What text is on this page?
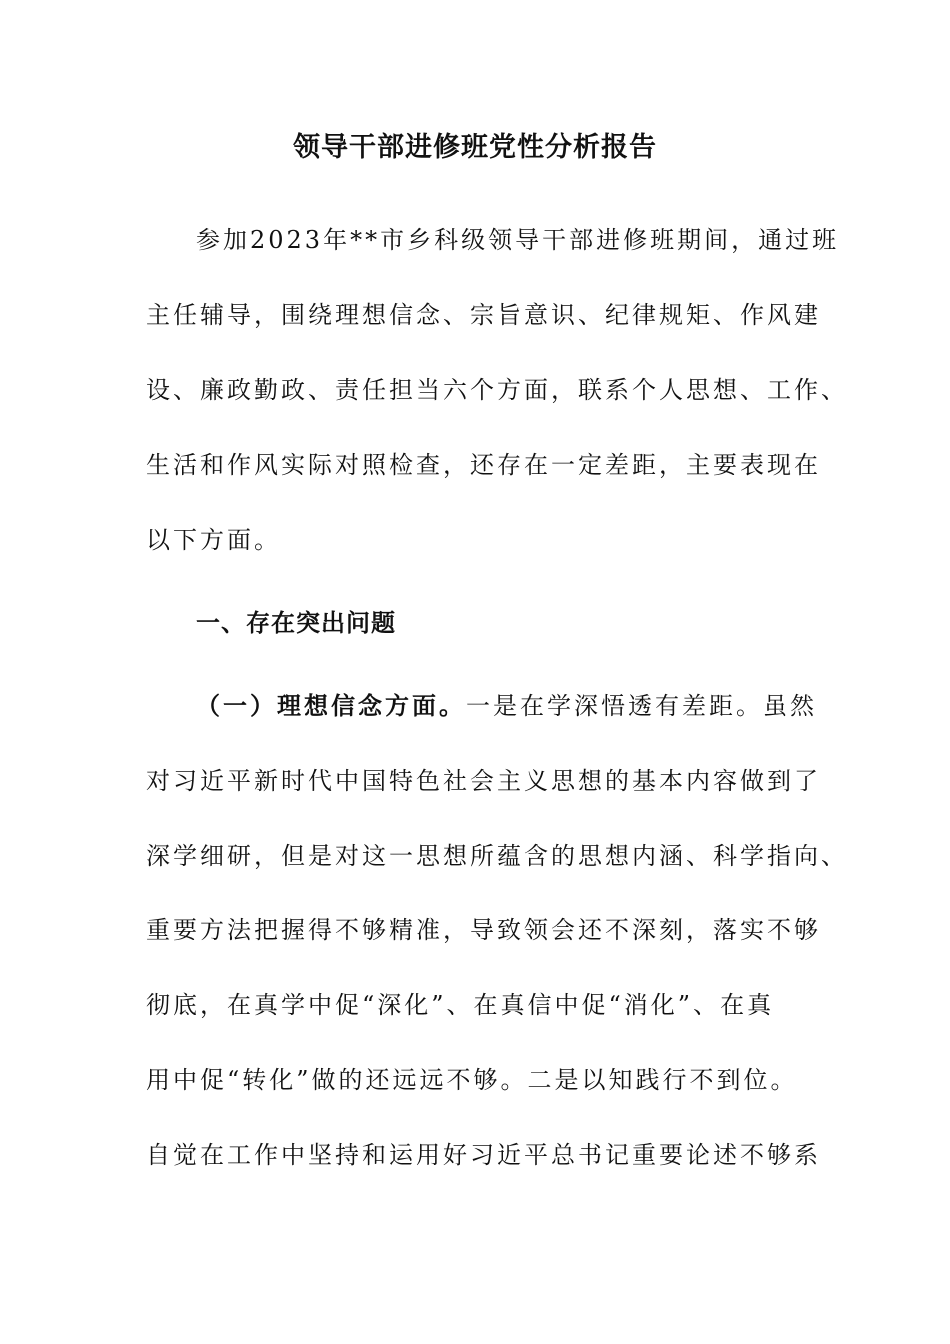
领导干部进修班党性分析报告
参加2023年**市乡科级领导干部进修班期间，通过班
主任辅导，围绕理想信念、宗旨意识、纪律规矩、作风建
设、廉政勤政、责任担当六个方面，联系个人思想、工作、
生活和作风实际对照检查，还存在一定差距，主要表现在
以下方面。
一、存在突出问题
（一）理想信念方面。一是在学深悟透有差距。虽然
对习近平新时代中国特色社会主义思想的基本内容做到了
深学细研，但是对这一思想所蕴含的思想内涵、科学指向、
重要方法把握得不够精准，导致领会还不深刻，落实不够
彻底，在真学中促“深化”、在真信中促“消化”、在真
用中促“转化”做的还远远不够。二是以知践行不到位。
自觉在工作中坚持和运用好习近平总书记重要论述不够系
